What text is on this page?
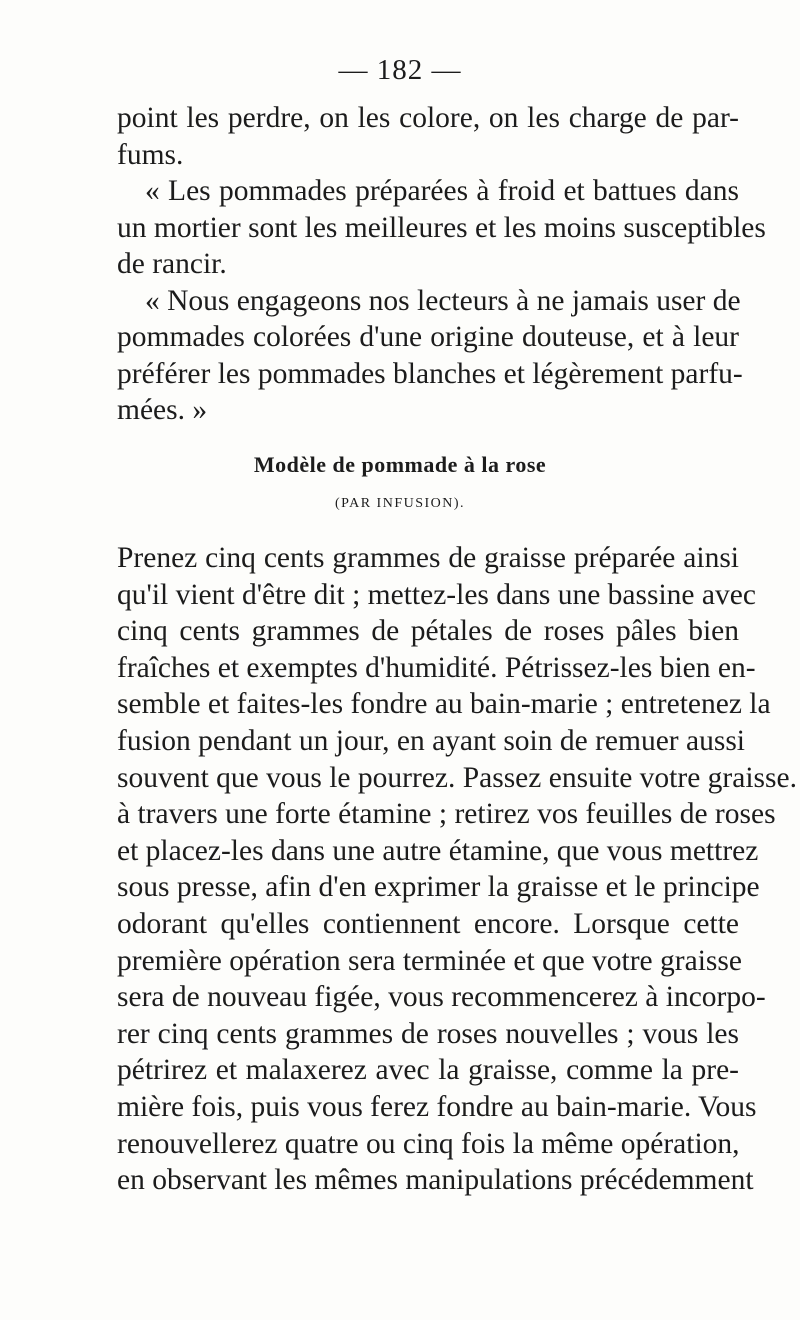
— 182 —

point les perdre, on les colore, on les charge de par-
fums.

« Les pommades préparées à froid et battues dans
un mortier sont les meilleures et les moins susceptibles
de rancir.

« Nous engageons nos lecteurs à ne jamais user de
pommades colorées d'une origine douteuse, et à leur
préférer les pommades blanches et légèrement parfu-
mées. »

Modèle de pommade à la rose
(PAR INFUSION).
Prenez cinq cents grammes de graisse préparée ainsi
qu'il vient d'être dit ; mettez-les dans une bassine avec
cinq cents grammes de pétales de roses pâles bien
fraîches et exemptes d'humidité. Pétrissez-les bien en-
semble et faites-les fondre au bain-marie ; entretenez la
fusion pendant un jour, en ayant soin de remuer aussi
souvent que vous le pourrez. Passez ensuite votre graisse.
à travers une forte étamine ; retirez vos feuilles de roses
et placez-les dans une autre étamine, que vous mettrez
sous presse, afin d'en exprimer la graisse et le principe
odorant qu'elles contiennent encore. Lorsque cette
première opération sera terminée et que votre graisse
sera de nouveau figée, vous recommencerez à incorpo-
rer cinq cents grammes de roses nouvelles ; vous les
pétrirez et malaxerez avec la graisse, comme la pre-
mière fois, puis vous ferez fondre au bain-marie. Vous
renouvellerez quatre ou cinq fois la même opération,
en observant les mêmes manipulations précédemment
